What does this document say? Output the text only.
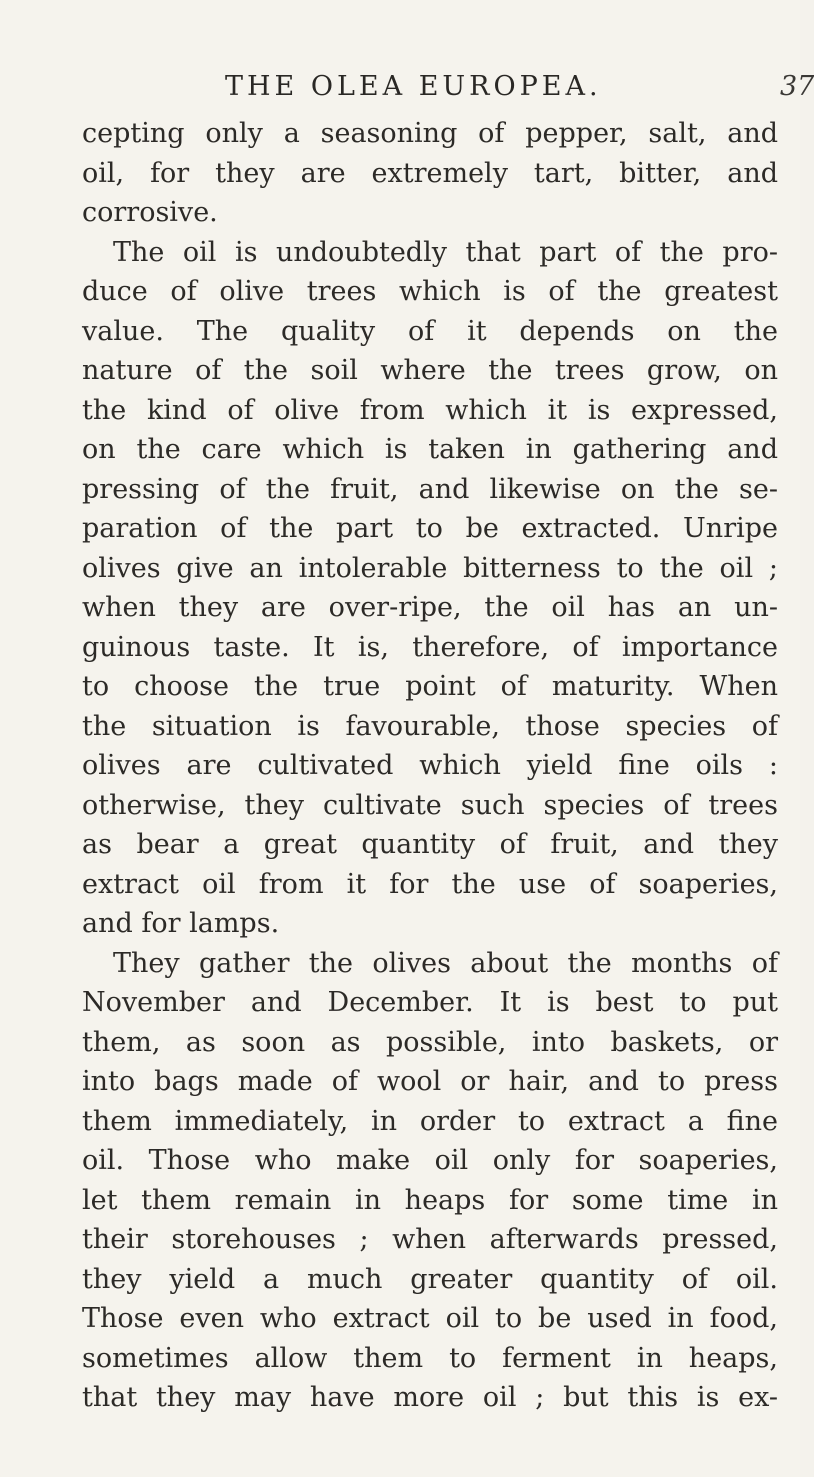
THE OLEA EUROPEA.	37
cepting only a seasoning of pepper, salt, and
oil, for they are extremely tart, bitter, and
corrosive.
The oil is undoubtedly that part of the pro-
duce of olive trees which is of the greatest
value. The quality of it depends on the
nature of the soil where the trees grow, on
the kind of olive from which it is expressed,
on the care which is taken in gathering and
pressing of the fruit, and likewise on the se-
paration of the part to be extracted. Unripe
olives give an intolerable bitterness to the oil ;
when they are over-ripe, the oil has an un-
guinous taste. It is, therefore, of importance
to choose the true point of maturity. When
the situation is favourable, those species of
olives are cultivated which yield fine oils :
otherwise, they cultivate such species of trees
as bear a great quantity of fruit, and they
extract oil from it for the use of soaperies,
and for lamps.
They gather the olives about the months of
November and December. It is best to put
them, as soon as possible, into baskets, or
into bags made of wool or hair, and to press
them immediately, in order to extract a fine
oil. Those who make oil only for soaperies,
let them remain in heaps for some time in
their storehouses ; when afterwards pressed,
they yield a much greater quantity of oil.
Those even who extract oil to be used in food,
sometimes allow them to ferment in heaps,
that they may have more oil ; but this is ex-
